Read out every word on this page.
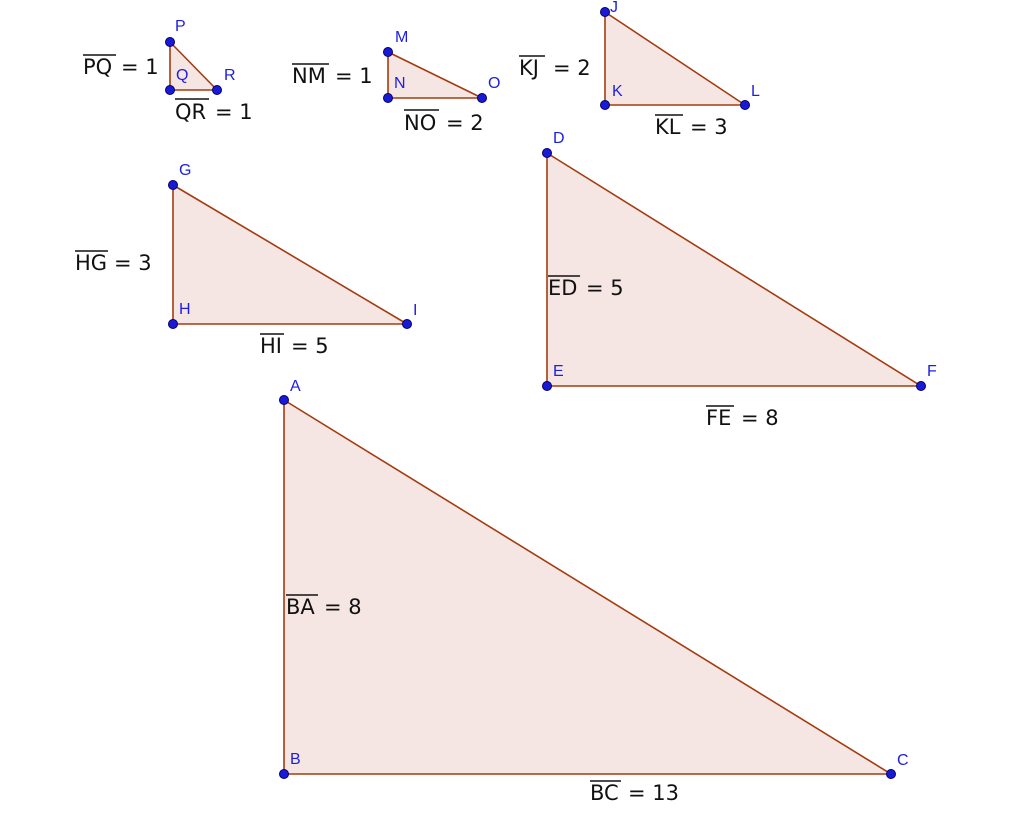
P
Q R
PQ = 1
QR = 1
M
N	O
NM = 1
NO = 2
J
K	L
KJ = 2
KL = 3
G
H	I
HG = 3
HI = 5
D
E	F
ED = 5
FE = 8
A
B	C
BA = 8
BC = 13
